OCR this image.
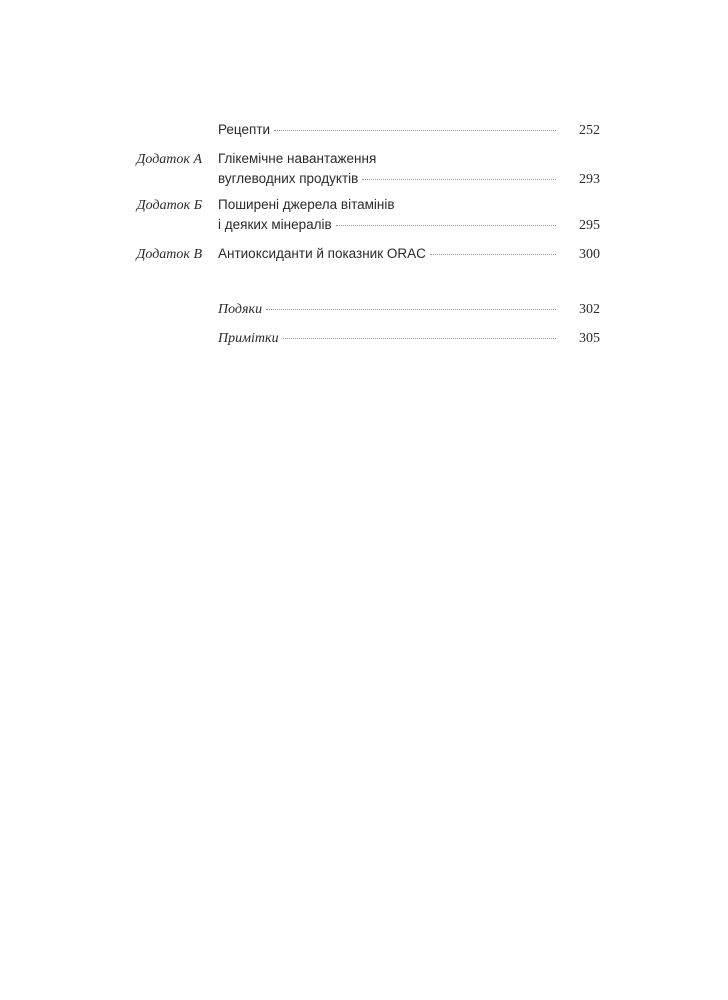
Рецепти	252
Додаток А Глікемічне навантаження
вуглеводних продуктів	293
Додаток Б Поширені джерела вітамінів
і деяких мінералів	295
Додаток В Антиоксиданти й показник ORAC	300
Подяки	302
Примітки	305
